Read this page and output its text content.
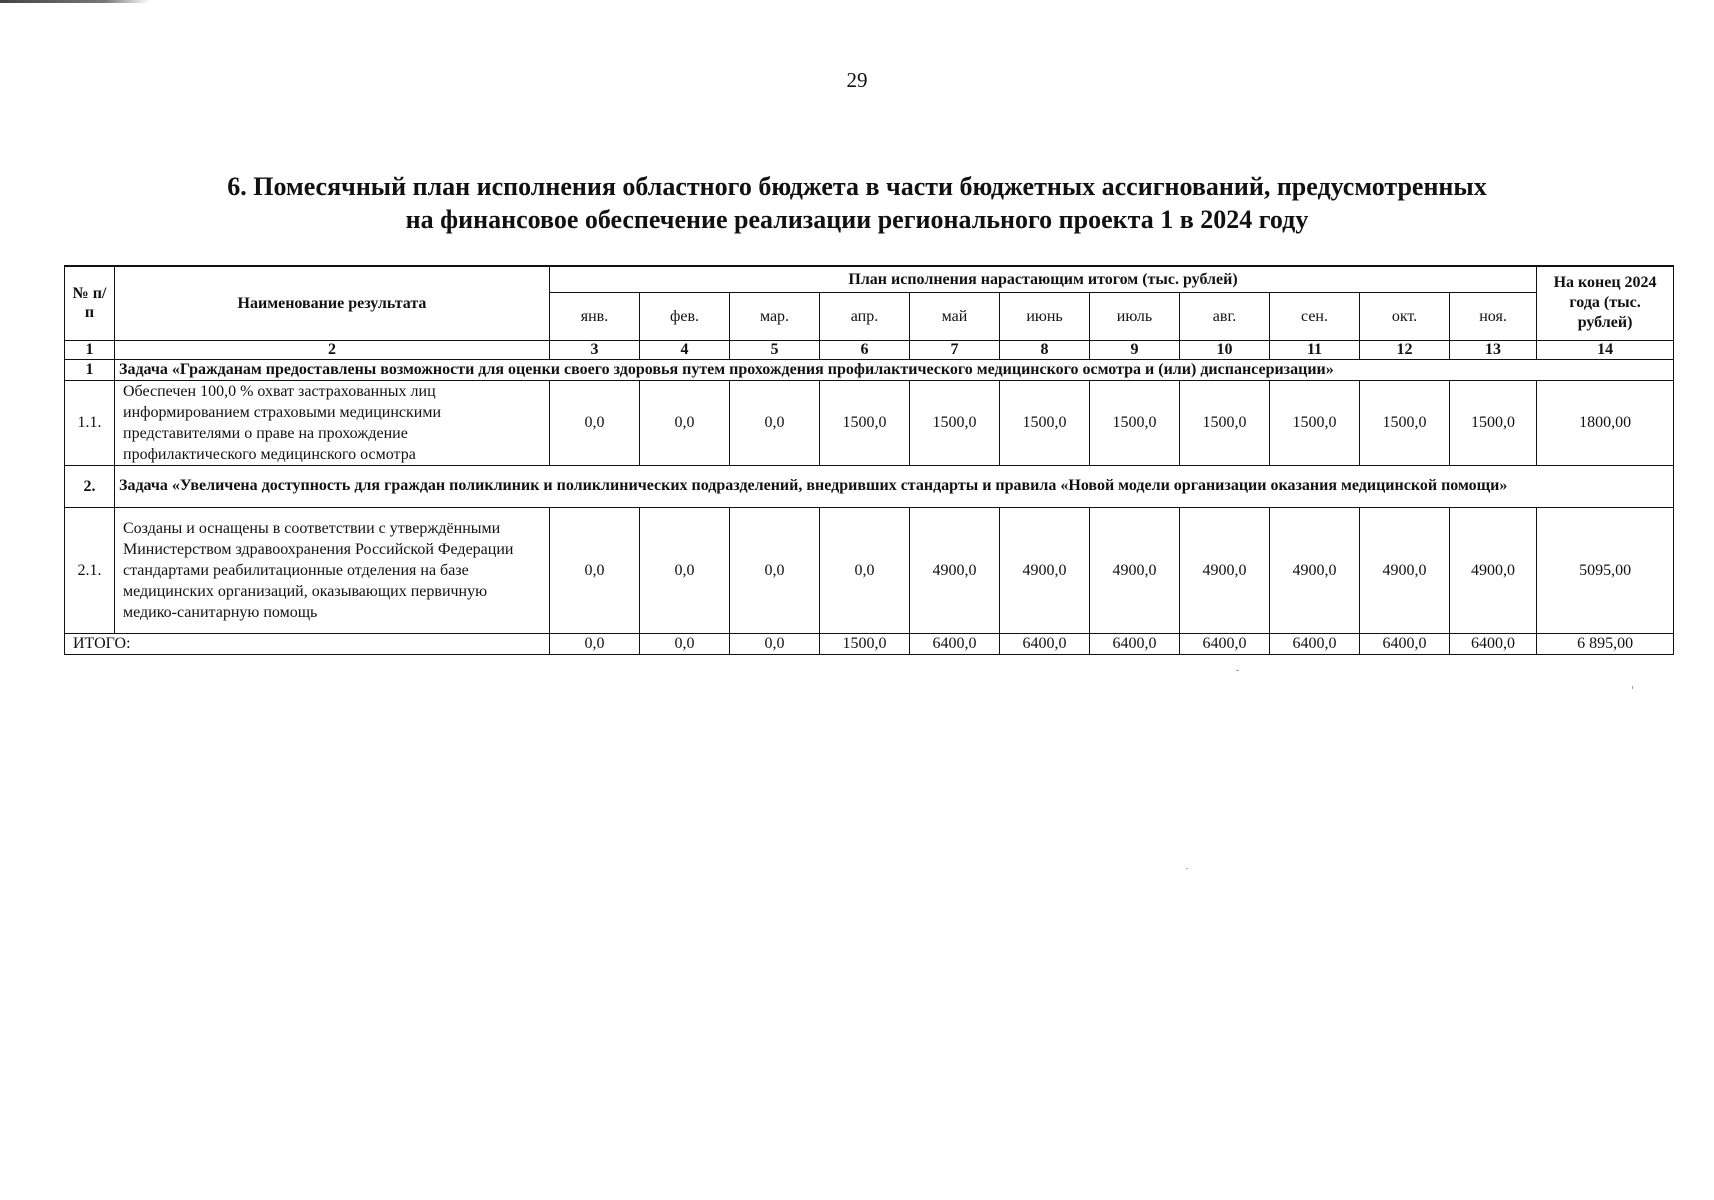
29
6. Помесячный план исполнения областного бюджета в части бюджетных ассигнований, предусмотренных
на финансовое обеспечение реализации регионального проекта 1 в 2024 году
№ п/п	Наименование результата	План исполнения нарастающим итогом (тыс. рублей)											На конец 2024 года (тыс. рублей)
		янв.	фев.	мар.	апр.	май	июнь	июль	авг.	сен.	окт.	ноя.	
1	2	3	4	5	6	7	8	9	10	11	12	13	14
1	Задача «Гражданам предоставлены возможности для оценки своего здоровья путем прохождения профилактического медицинского осмотра и (или) диспансеризации»												
1.1.	Обеспечен 100,0 % охват застрахованных лиц информированием страховыми медицинскими представителями о праве на прохождение профилактического медицинского осмотра	0,0	0,0	0,0	1500,0	1500,0	1500,0	1500,0	1500,0	1500,0	1500,0	1500,0	1800,00
2.	Задача «Увеличена доступность для граждан поликлиник и поликлинических подразделений, внедривших стандарты и правила «Новой модели организации оказания медицинской помощи»												
2.1.	Созданы и оснащены в соответствии с утверждёнными Министерством здравоохранения Российской Федерации стандартами реабилитационные отделения на базе медицинских организаций, оказывающих первичную медико-санитарную помощь	0,0	0,0	0,0	0,0	4900,0	4900,0	4900,0	4900,0	4900,0	4900,0	4900,0	5095,00
ИТОГО:		0,0	0,0	0,0	1500,0	6400,0	6400,0	6400,0	6400,0	6400,0	6400,0	6400,0	6 895,00
